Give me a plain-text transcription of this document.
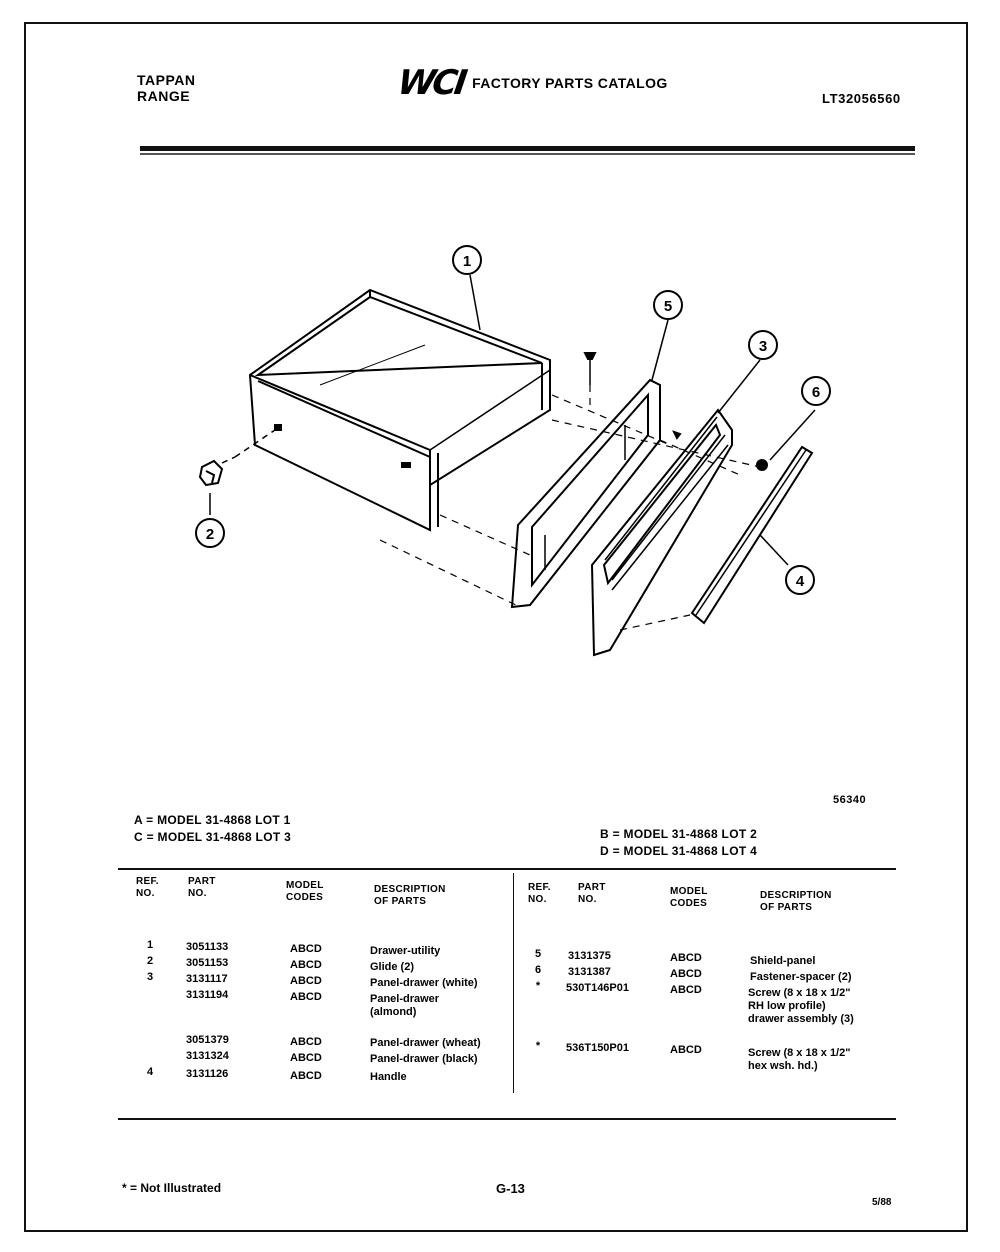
TAPPAN
RANGE	WCI FACTORY PARTS CATALOG
LT32056560
1
2
3
4
5
6
56340
A = MODEL 31-4868 LOT 1
C = MODEL 31-4868 LOT 3	B = MODEL 31-4868 LOT 2
D = MODEL 31-4868 LOT 4
REF.
NO.
PART
NO.
MODEL
CODES
DESCRIPTION
OF PARTS
REF.
NO.
PART
NO.
MODEL
CODES
DESCRIPTION
OF PARTS
1	3051133	ABCD	Drawer-utility
2	3051153	ABCD	Glide (2)
3	3131117	ABCD	Panel-drawer (white)
3131194	ABCD	Panel-drawer
(almond)
3051379	ABCD	Panel-drawer (wheat)
3131324	ABCD	Panel-drawer (black)
4	3131126	ABCD	Handle
5	3131375	ABCD	Shield-panel
6	3131387	ABCD	Fastener-spacer (2)
*	530T146P01	ABCD	Screw (8 x 18 x 1/2"
RH low profile)
drawer assembly (3)
*	536T150P01	ABCD	Screw (8 x 18 x 1/2"
hex wsh. hd.)
* = Not Illustrated	G-13
5/88
